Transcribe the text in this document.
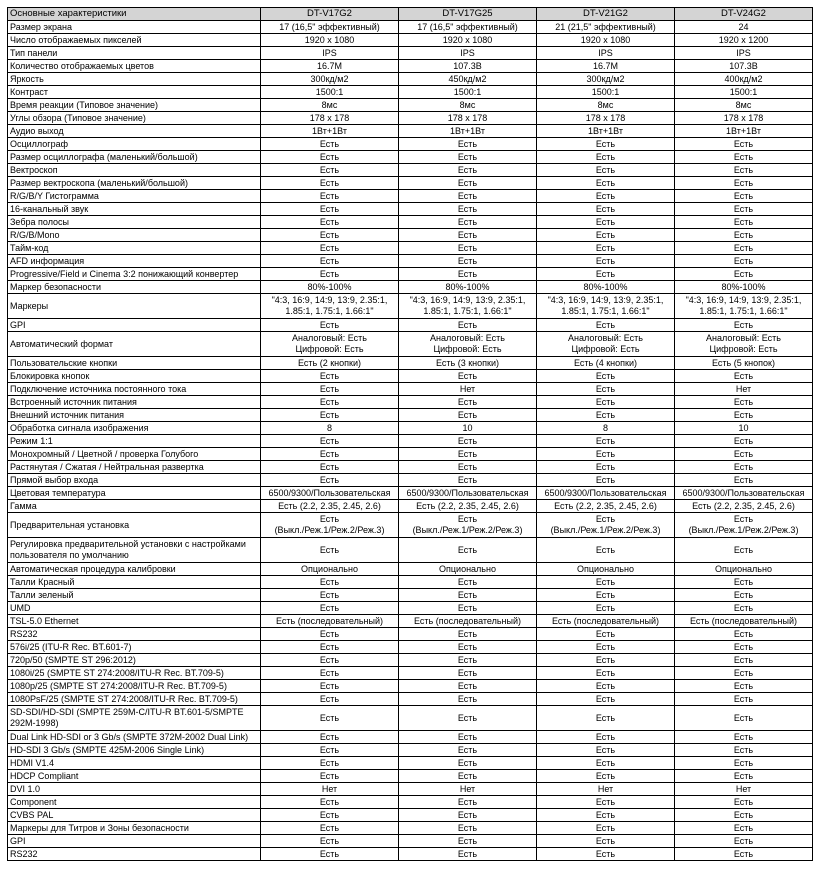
Основные характеристики	DT-V17G2	DT-V17G25	DT-V21G2	DT-V24G2
Размер экрана	17 (16,5" эффективный)	17 (16,5" эффективный)	21 (21,5" эффективный)	24
Число отображаемых пикселей	1920 x 1080	1920 x 1080	1920 x 1080	1920 x 1200
Тип панели	IPS	IPS	IPS	IPS
Количество отображаемых цветов	16.7M	107.3B	16.7M	107.3B
Яркость	300кд/м2	450кд/м2	300кд/м2	400кд/м2
Контраст	1500:1	1500:1	1500:1	1500:1
Время реакции (Типовое значение)	8мс	8мс	8мс	8мс
Углы обзора (Типовое значение)	178 x 178	178 x 178	178 x 178	178 x 178
Аудио выход	1Вт+1Вт	1Вт+1Вт	1Вт+1Вт	1Вт+1Вт
Осциллограф	Есть	Есть	Есть	Есть
Размер осциллографа (маленький/большой)	Есть	Есть	Есть	Есть
Вектроскоп	Есть	Есть	Есть	Есть
Размер вектроскопа (маленький/большой)	Есть	Есть	Есть	Есть
R/G/B/Y Гистограмма	Есть	Есть	Есть	Есть
16-канальный звук	Есть	Есть	Есть	Есть
Зебра полосы	Есть	Есть	Есть	Есть
R/G/B/Mono	Есть	Есть	Есть	Есть
Тайм-код	Есть	Есть	Есть	Есть
AFD информация	Есть	Есть	Есть	Есть
Progressive/Field и Cinema 3:2 понижающий конвертер	Есть	Есть	Есть	Есть
Маркер безопасности	80%-100%	80%-100%	80%-100%	80%-100%
Маркеры	"4:3, 16:9, 14:9, 13:9, 2.35:1,
1.85:1, 1.75:1, 1.66:1"	"4:3, 16:9, 14:9, 13:9, 2.35:1,
1.85:1, 1.75:1, 1.66:1"	"4:3, 16:9, 14:9, 13:9, 2.35:1,
1.85:1, 1.75:1, 1.66:1"	"4:3, 16:9, 14:9, 13:9, 2.35:1,
1.85:1, 1.75:1, 1.66:1"

GPI	Есть	Есть	Есть	Есть
Автоматический формат	Аналоговый: Есть
Цифровой: Есть	Аналоговый: Есть
Цифровой: Есть	Аналоговый: Есть
Цифровой: Есть	Аналоговый: Есть
Цифровой: Есть

Пользовательские кнопки	Есть (2 кнопки)	Есть (3 кнопки)	Есть (4 кнопки)	Есть (5 кнопок)
Блокировка кнопок	Есть	Есть	Есть	Есть
Подключение источника постоянного тока	Есть	Нет	Есть	Нет
Встроенный источник питания	Есть	Есть	Есть	Есть
Внешний источник питания	Есть	Есть	Есть	Есть
Обработка сигнала изображения	8	10	8	10
Режим 1:1	Есть	Есть	Есть	Есть
Монохромный / Цветной / проверка Голубого	Есть	Есть	Есть	Есть
Растянутая / Сжатая / Нейтральная развертка	Есть	Есть	Есть	Есть
Прямой выбор входа	Есть	Есть	Есть	Есть
Цветовая температура	6500/9300/Пользовательская	6500/9300/Пользовательская	6500/9300/Пользовательская	6500/9300/Пользовательская
Гамма	Есть (2.2, 2.35, 2.45, 2.6)	Есть (2.2, 2.35, 2.45, 2.6)	Есть (2.2, 2.35, 2.45, 2.6)	Есть (2.2, 2.35, 2.45, 2.6)
Предварительная установка	Есть
(Выкл./Реж.1/Реж.2/Реж.3)	Есть
(Выкл./Реж.1/Реж.2/Реж.3)	Есть
(Выкл./Реж.1/Реж.2/Реж.3)	Есть
(Выкл./Реж.1/Реж.2/Реж.3)

Регулировка предварительной установки с настройками
пользователя по умолчанию	Есть	Есть	Есть	Есть
Автоматическая процедура калибровки	Опционально	Опционально	Опционально	Опционально
Талли Красный	Есть	Есть	Есть	Есть
Талли зеленый	Есть	Есть	Есть	Есть
UMD	Есть	Есть	Есть	Есть
TSL-5.0 Ethernet	Есть (последовательный)	Есть (последовательный)	Есть (последовательный)	Есть (последовательный)
RS232	Есть	Есть	Есть	Есть
576i/25 (ITU-R Rec. BT.601-7)	Есть	Есть	Есть	Есть
720p/50 (SMPTE ST 296:2012)	Есть	Есть	Есть	Есть
1080i/25 (SMPTE ST 274:2008/ITU-R Rec. BT.709-5)	Есть	Есть	Есть	Есть
1080p/25 (SMPTE ST 274:2008/ITU-R Rec. BT.709-5)	Есть	Есть	Есть	Есть
1080PsF/25 (SMPTE ST 274:2008/ITU-R Rec. BT.709-5)	Есть	Есть	Есть	Есть

SD-SDI/HD-SDI (SMPTE 259M-C/ITU-R BT.601-5/SMPTE
292M-1998)	Есть	Есть	Есть	Есть
Dual Link HD-SDI or 3 Gb/s (SMPTE 372M-2002 Dual Link)	Есть	Есть	Есть	Есть
HD-SDI 3 Gb/s (SMPTE 425M-2006 Single Link)	Есть	Есть	Есть	Есть
HDMI V1.4	Есть	Есть	Есть	Есть
HDCP Compliant	Есть	Есть	Есть	Есть
DVI 1.0	Нет	Нет	Нет	Нет
Component	Есть	Есть	Есть	Есть
CVBS PAL	Есть	Есть	Есть	Есть
Маркеры для Титров и Зоны безопасности	Есть	Есть	Есть	Есть
GPI	Есть	Есть	Есть	Есть
RS232	Есть	Есть	Есть	Есть
